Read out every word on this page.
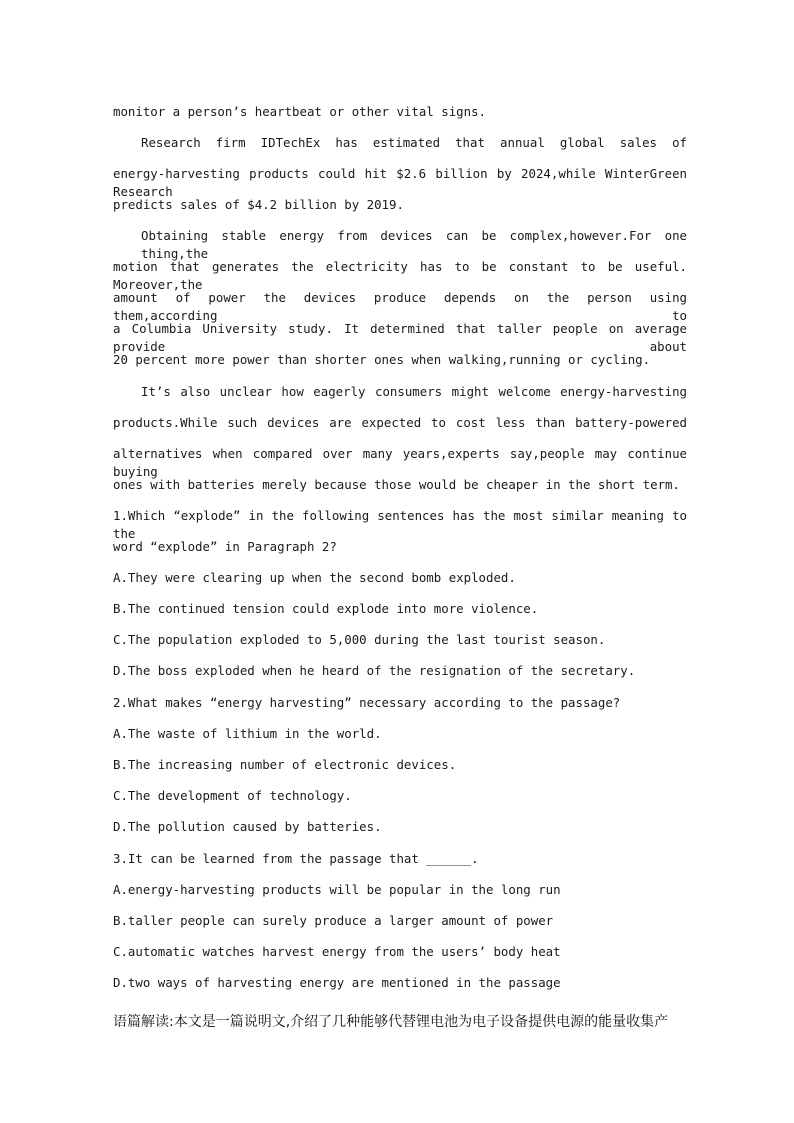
monitor a person’s heartbeat or other vital signs.
Research firm IDTechEx has estimated that annual global sales of
energy-harvesting products could hit $2.6 billion by 2024,while WinterGreen Research
predicts sales of $4.2 billion by 2019.
Obtaining stable energy from devices can be complex,however.For one thing,the
motion that generates the electricity has to be constant to be useful. Moreover,the
amount of power the devices produce depends on the person using them,according to
a Columbia University study. It determined that taller people on average provide about
20 percent more power than shorter ones when walking,running or cycling.
It’s also unclear how eagerly consumers might welcome energy-harvesting
products.While such devices are expected to cost less than battery-powered
alternatives when compared over many years,experts say,people may continue buying
ones with batteries merely because those would be cheaper in the short term.
1.Which “explode” in the following sentences has the most similar meaning to the
word “explode” in Paragraph 2?
A.They were clearing up when the second bomb exploded.
B.The continued tension could explode into more violence.
C.The population exploded to 5,000 during the last tourist season.
D.The boss exploded when he heard of the resignation of the secretary.
2.What makes “energy harvesting” necessary according to the passage?
A.The waste of lithium in the world.
B.The increasing number of electronic devices.
C.The development of technology.
D.The pollution caused by batteries.
3.It can be learned from the passage that ______.
A.energy-harvesting products will be popular in the long run
B.taller people can surely produce a larger amount of power
C.automatic watches harvest energy from the users’ body heat
D.two ways of harvesting energy are mentioned in the passage
语篇解读:本文是一篇说明文,介绍了几种能够代替锂电池为电子设备提供电源的能量收集产
